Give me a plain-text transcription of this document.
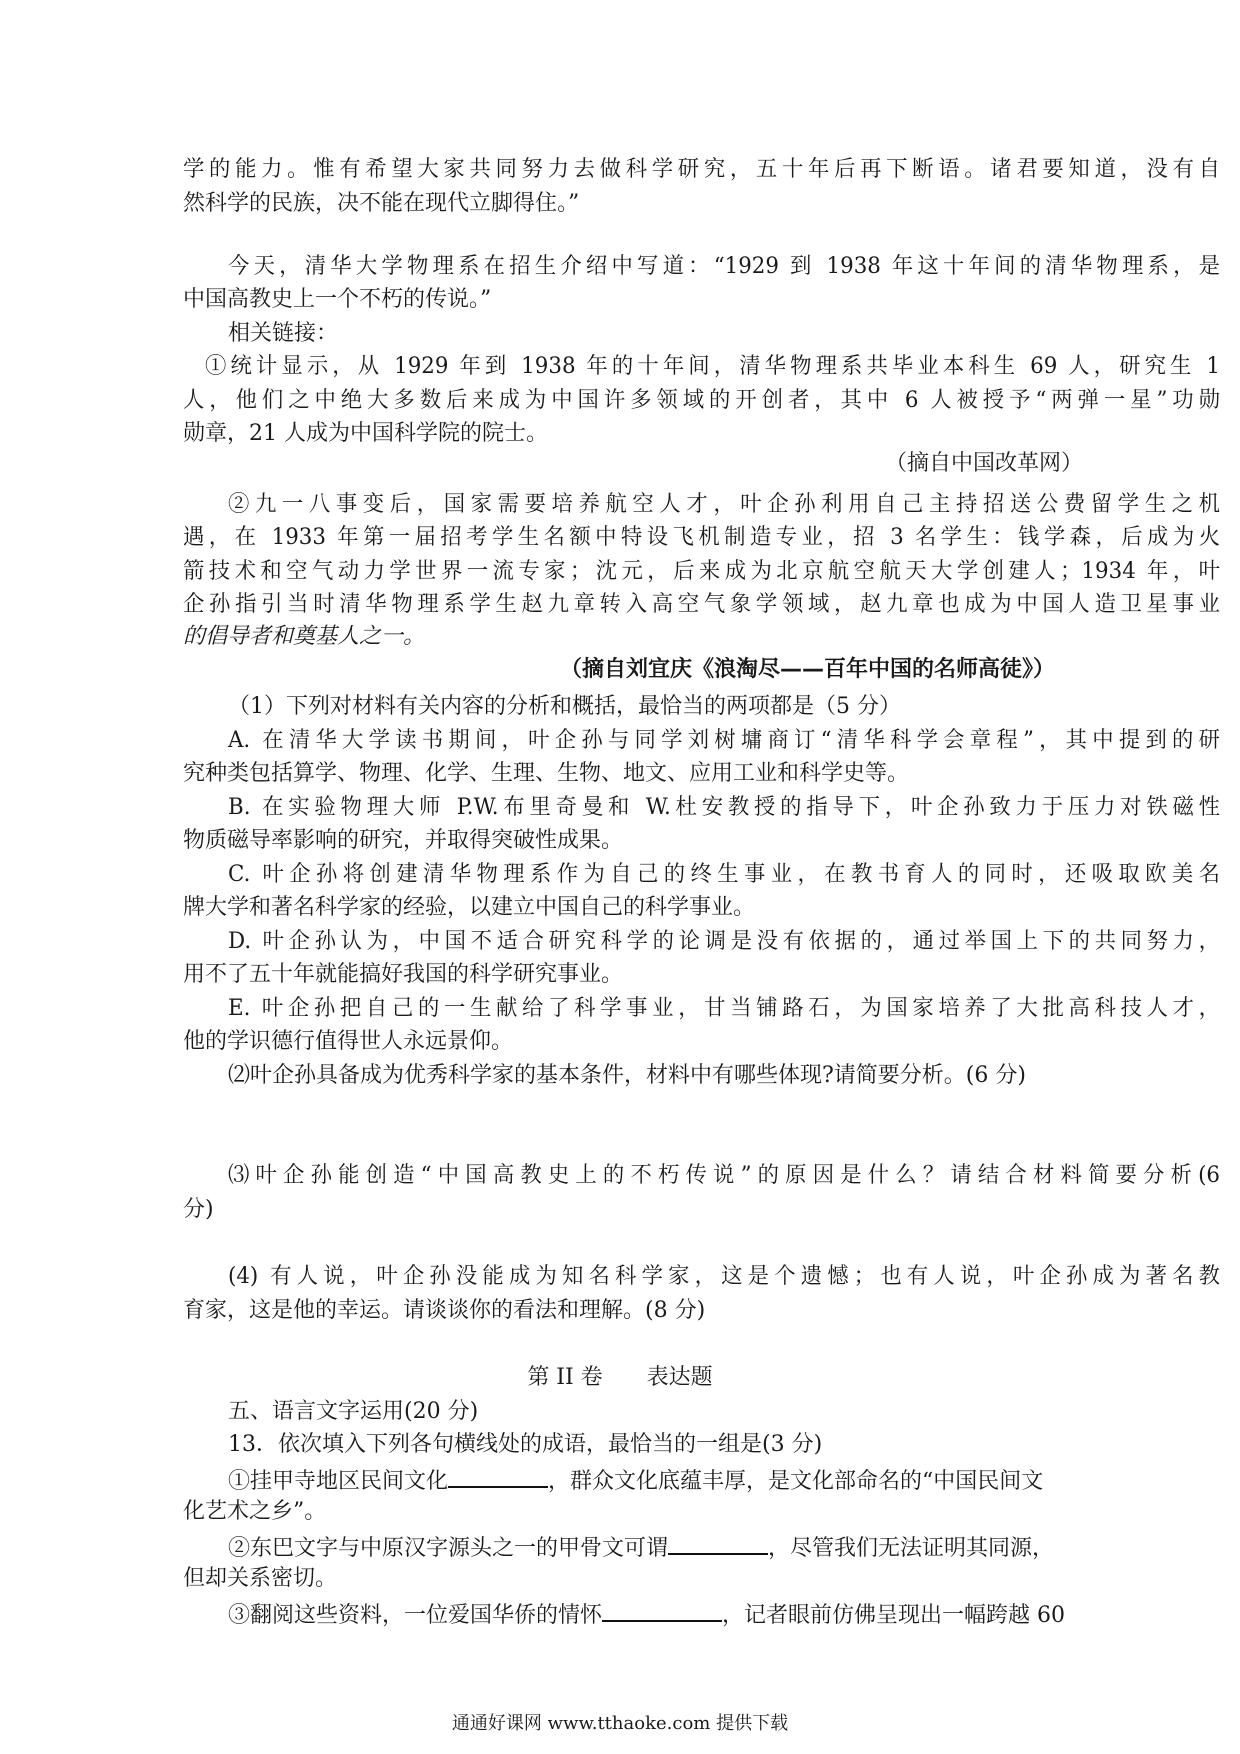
学的能力。惟有希望大家共同努力去做科学研究，五十年后再下断语。诸君要知道，没有自
然科学的民族，决不能在现代立脚得住。”
今天，清华大学物理系在招生介绍中写道：“1929 到 1938 年这十年间的清华物理系，是
中国高教史上一个不朽的传说。”
相关链接：
①统计显示，从 1929 年到 1938 年的十年间，清华物理系共毕业本科生 69 人，研究生 1
人，他们之中绝大多数后来成为中国许多领域的开创者，其中 6 人被授予“两弹一星”功勋
勋章，21 人成为中国科学院的院士。
（摘自中国改革网）
②九一八事变后，国家需要培养航空人才，叶企孙利用自己主持招送公费留学生之机
遇，在 1933 年第一届招考学生名额中特设飞机制造专业，招 3 名学生：钱学森，后成为火
箭技术和空气动力学世界一流专家；沈元，后来成为北京航空航天大学创建人；1934 年，叶
企孙指引当时清华物理系学生赵九章转入高空气象学领域，赵九章也成为中国人造卫星事业
的倡导者和奠基人之一。
（摘自刘宜庆《浪淘尽——百年中国的名师高徒》）
（1）下列对材料有关内容的分析和概括，最恰当的两项都是（5 分）
A. 在清华大学读书期间，叶企孙与同学刘树墉商订“清华科学会章程”，其中提到的研
究种类包括算学、物理、化学、生理、生物、地文、应用工业和科学史等。
B. 在实验物理大师 P.W.布里奇曼和 W.杜安教授的指导下，叶企孙致力于压力对铁磁性
物质磁导率影响的研究，并取得突破性成果。
C. 叶企孙将创建清华物理系作为自己的终生事业，在教书育人的同时，还吸取欧美名
牌大学和著名科学家的经验，以建立中国自己的科学事业。
D. 叶企孙认为，中国不适合研究科学的论调是没有依据的，通过举国上下的共同努力，
用不了五十年就能搞好我国的科学研究事业。
E. 叶企孙把自己的一生献给了科学事业，甘当铺路石，为国家培养了大批高科技人才，
他的学识德行值得世人永远景仰。
⑵叶企孙具备成为优秀科学家的基本条件，材料中有哪些体现?请简要分析。(6 分)
⑶叶企孙能创造“中国高教史上的不朽传说”的原因是什么？请结合材料简要分析(6
分)
(4) 有人说，叶企孙没能成为知名科学家，这是个遗憾；也有人说，叶企孙成为著名教
育家，这是他的幸运。请谈谈你的看法和理解。(8 分)
第 II 卷　　表达题
五、语言文字运用(20 分)
13．依次填入下列各句横线处的成语，最恰当的一组是(3 分)
①挂甲寺地区民间文化	，群众文化底蕴丰厚，是文化部命名的“中国民间文
化艺术之乡”。
②东巴文字与中原汉字源头之一的甲骨文可谓	，尽管我们无法证明其同源，
但却关系密切。
③翻阅这些资料，一位爱国华侨的情怀	，记者眼前仿佛呈现出一幅跨越 60
通通好课网 www.tthaoke.com 提供下载
